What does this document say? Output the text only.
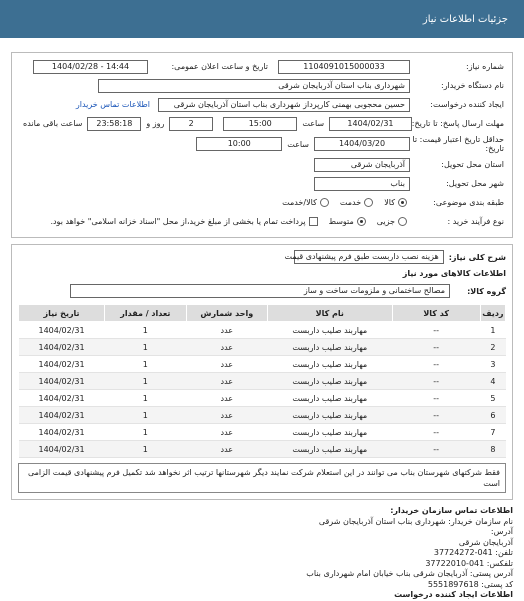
جزئیات اطلاعات نیاز
شماره نیاز:
1104091015000033
تاریخ و ساعت اعلان عمومی:
1404/02/28 - 14:44
نام دستگاه خریدار:
شهرداری بناب استان آذربایجان شرقی
ایجاد کننده درخواست:
حسین محجوبی بهمنی کارپرداز شهرداری بناب استان آذربایجان شرقی
اطلاعات تماس خریدار
مهلت ارسال پاسخ: تا تاریخ:
1404/02/31
ساعت
15:00
2
روز و
23:58:18
ساعت باقی مانده
حداقل تاریخ اعتبار قیمت: تا تاریخ:
1404/03/20
ساعت
10:00
استان محل تحویل:
آذربایجان شرقی
شهر محل تحویل:
بناب
طبقه بندی موضوعی:
کالا
خدمت
کالا/خدمت
نوع فرآیند خرید :
جزیی
متوسط
پرداخت تمام یا بخشی از مبلغ خرید،از محل "اسناد خزانه اسلامی" خواهد بود.
شرح کلی نیاز:
هزینه نصب داربست طبق فرم پیشنهادی قیمت
اطلاعات کالاهای مورد نیاز
گروه کالا:
مصالح ساختمانی و ملزومات ساخت و ساز
ردیف	کد کالا	نام کالا	واحد شمارش	تعداد / مقدار	تاریخ نیاز
1	--	مهاربند صلیب داربست	عدد	1	1404/02/31
2	--	مهاربند صلیب داربست	عدد	1	1404/02/31
3	--	مهاربند صلیب داربست	عدد	1	1404/02/31
4	--	مهاربند صلیب داربست	عدد	1	1404/02/31
5	--	مهاربند صلیب داربست	عدد	1	1404/02/31
6	--	مهاربند صلیب داربست	عدد	1	1404/02/31
7	--	مهاربند صلیب داربست	عدد	1	1404/02/31
8	--	مهاربند صلیب داربست	عدد	1	1404/02/31
فقط شرکتهای شهرستان بناب می توانند در این استعلام شرکت نمایند دیگر شهرستانها ترتیب اثر نخواهد شد تکمیل فرم پیشنهادی قیمت الزامی است
اطلاعات تماس سازمان خریدار:
نام سازمان خریدار: شهرداری بناب استان آذربایجان شرقی
آدرس:
آذربایجان شرقی
تلفن: 041-37724272
تلفکس: 041-37722010
آدرس پستی: آذربایجان شرقی بناب خیابان امام شهرداری بناب
کد پستی: 5551897618
اطلاعات ایجاد کننده درخواست
